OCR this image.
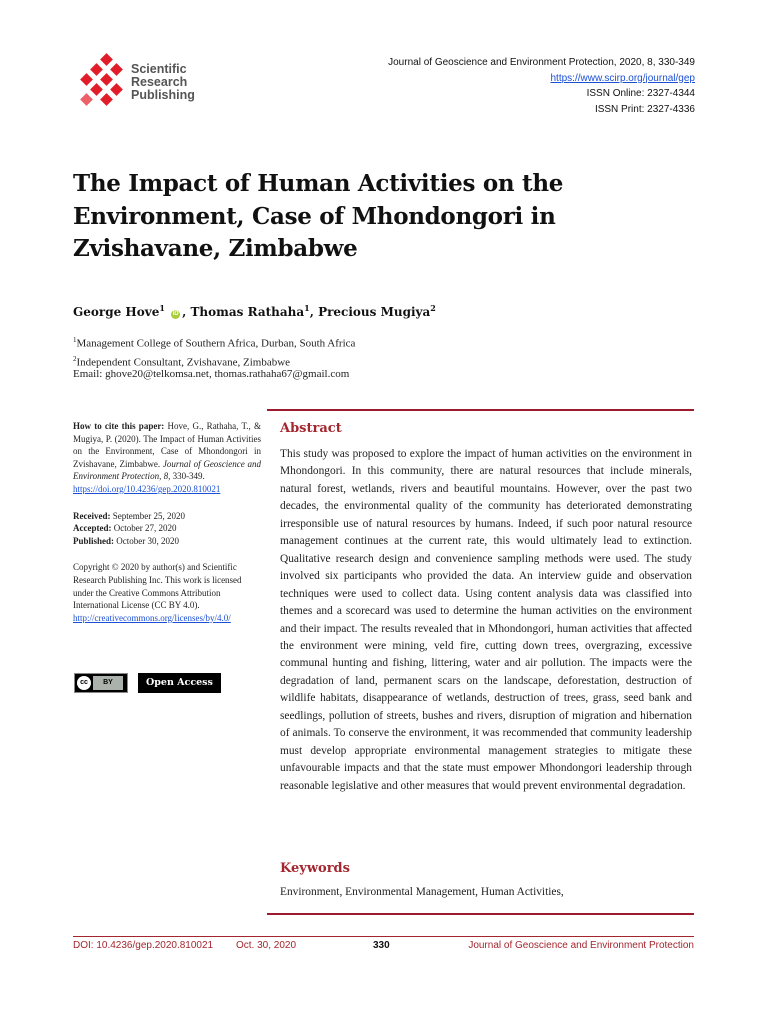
Scientific
Research
Publishing
Journal of Geoscience and Environment Protection, 2020, 8, 330-349
https://www.scirp.org/journal/gep
ISSN Online: 2327-4344
ISSN Print: 2327-4336
The Impact of Human Activities on the Environment, Case of Mhondongori in Zvishavane, Zimbabwe
George Hove$^1$ iD , Thomas Rathaha$^1$, Precious Mugiya$^2$
$^1$Management College of Southern Africa, Durban, South Africa
$^2$Independent Consultant, Zvishavane, Zimbabwe
Email: ghove20@telkomsa.net, thomas.rathaha67@gmail.com
How to cite this paper: Hove, G., Rathaha, T., & Mugiya, P. (2020). The Impact of Human Activities on the Environment, Case of Mhondongori in Zvishavane, Zimbabwe. Journal of Geoscience and Environment Protection, 8, 330-349.
https://doi.org/10.4236/gep.2020.810021
Received: September 25, 2020
Accepted: October 27, 2020
Published: October 30, 2020
Copyright © 2020 by author(s) and Scientific Research Publishing Inc. This work is licensed under the Creative Commons Attribution International License (CC BY 4.0).
http://creativecommons.org/licenses/by/4.0/
cc	BY	Open Access
Abstract
This study was proposed to explore the impact of human activities on the environment in Mhondongori. In this community, there are natural resources that include minerals, natural forest, wetlands, rivers and beautiful mountains. However, over the past two decades, the environmental quality of the community has deteriorated demonstrating irresponsible use of natural resources by humans. Indeed, if such poor natural resource management continues at the current rate, this would ultimately lead to extinction. Qualitative research design and convenience sampling methods were used. The study involved six participants who provided the data. An interview guide and observation techniques were used to collect data. Using content analysis data was classified into themes and a scorecard was used to determine the human activities on the environment and their impact. The results revealed that in Mhondongori, human activities that affected the environment were mining, veld fire, cutting down trees, overgrazing, excessive communal hunting and fishing, littering, water and air pollution. The impacts were the degradation of land, permanent scars on the landscape, deforestation, destruction of wildlife habitats, disappearance of wetlands, destruction of trees, grass, seed bank and seedlings, pollution of streets, bushes and rivers, disruption of migration and hibernation of animals. To conserve the environment, it was recommended that community leadership must develop appropriate environmental management strategies to mitigate these unfavourable impacts and that the state must empower Mhondongori leadership through reasonable legislative and other measures that would prevent environmental degradation.
Keywords
Environment, Environmental Management, Human Activities,
DOI: 10.4236/gep.2020.810021 Oct. 30, 2020	330	Journal of Geoscience and Environment Protection
